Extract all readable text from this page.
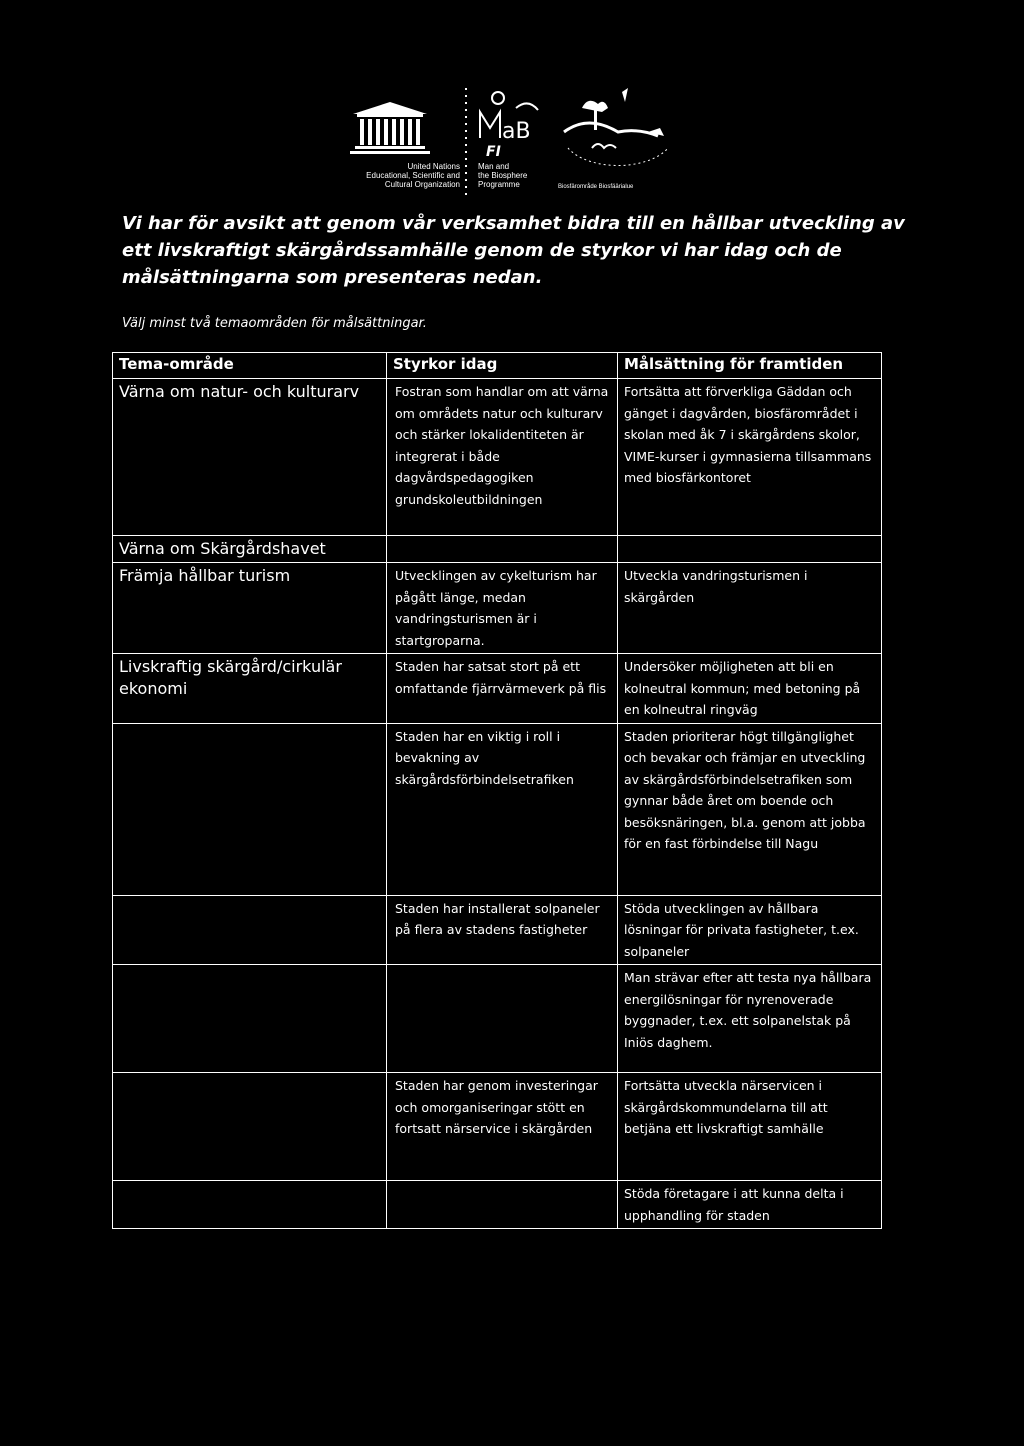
United Nations
Educational, Scientific and
Cultural Organization
aB
FI
Man and
the Biosphere
Programme	Biosfärområde Biosfäärialue

Vi har för avsikt att genom vår verksamhet bidra till en hållbar utveckling av ett livskraftigt skärgårdssamhälle genom de styrkor vi har idag och de målsättningarna som presenteras nedan.

Välj minst två temaområden för målsättningar.

Tema-område	Styrkor idag	Målsättning för framtiden
Värna om natur- och kulturarv	Fostran som handlar om att värna om områdets natur och kulturarv och stärker lokalidentiteten är integrerat i både dagvårdspedagogiken grundskoleutbildningen	Fortsätta att förverkliga Gäddan och gänget i dagvården, biosfärområdet i skolan med åk 7 i skärgårdens skolor, VIME-kurser i gymnasierna tillsammans med biosfärkontoret
Värna om Skärgårdshavet		
Främja hållbar turism	Utvecklingen av cykelturism har pågått länge, medan vandringsturismen är i startgroparna.	Utveckla vandringsturismen i skärgården
Livskraftig skärgård/cirkulär ekonomi	Staden har satsat stort på ett omfattande fjärrvärmeverk på flis	Undersöker möjligheten att bli en kolneutral kommun; med betoning på en kolneutral ringväg
	Staden har en viktig i roll i bevakning av skärgårdsförbindelsetrafiken	Staden prioriterar högt tillgänglighet och bevakar och främjar en utveckling av skärgårdsförbindelsetrafiken som gynnar både året om boende och besöksnäringen, bl.a. genom att jobba för en fast förbindelse till Nagu
	Staden har installerat solpaneler på flera av stadens fastigheter	Stöda utvecklingen av hållbara lösningar för privata fastigheter, t.ex. solpaneler
		Man strävar efter att testa nya hållbara energilösningar för nyrenoverade byggnader, t.ex. ett solpanelstak på Iniös daghem.
	Staden har genom investeringar och omorganiseringar stött en fortsatt närservice i skärgården	Fortsätta utveckla närservicen i skärgårdskommundelarna till att betjäna ett livskraftigt samhälle
		Stöda företagare i att kunna delta i upphandling för staden
